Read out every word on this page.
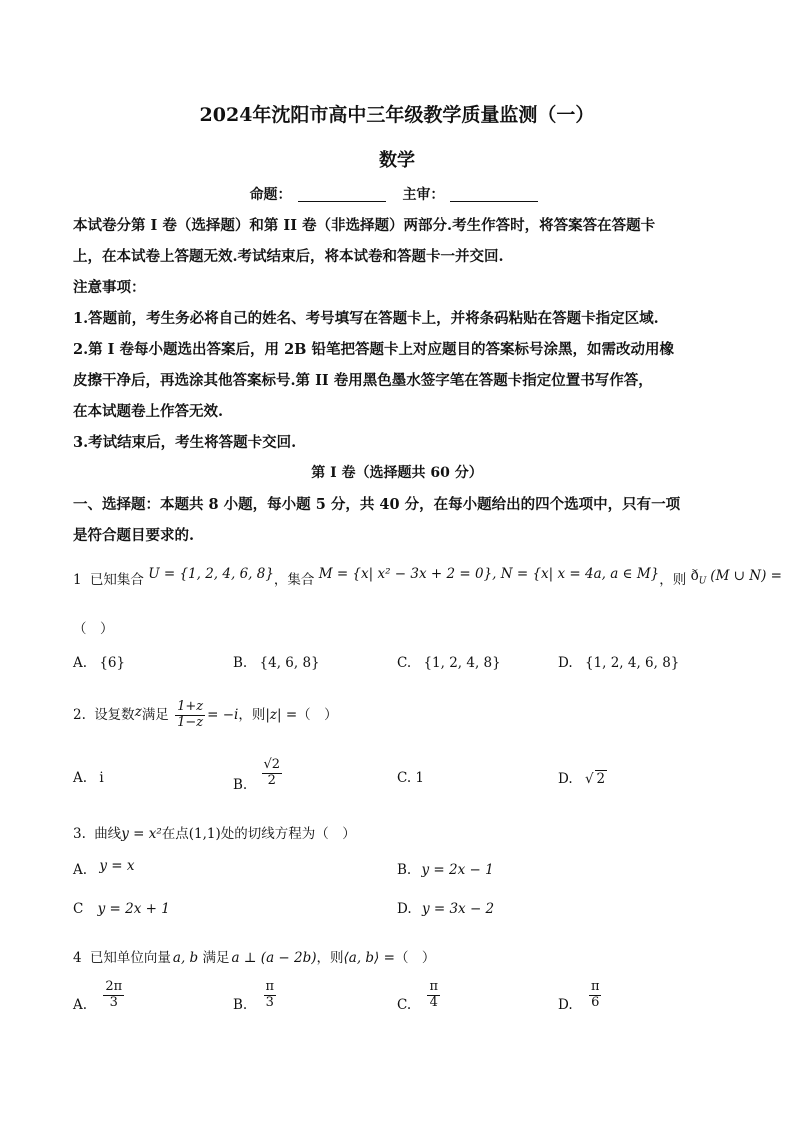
2024年沈阳市高中三年级教学质量监测（一）
数学
命题：	主审：
本试卷分第 I 卷（选择题）和第 II 卷（非选择题）两部分.考生作答时，将答案答在答题卡
上，在本试卷上答题无效.考试结束后，将本试卷和答题卡一并交回.
注意事项：
1.答题前，考生务必将自己的姓名、考号填写在答题卡上，并将条码粘贴在答题卡指定区域.
2.第 I 卷每小题选出答案后，用 2B 铅笔把答题卡上对应题目的答案标号涂黑，如需改动用橡
皮擦干净后，再选涂其他答案标号.第 II 卷用黑色墨水签字笔在答题卡指定位置书写作答，
在本试题卷上作答无效.
3.考试结束后，考生将答题卡交回.
第 I 卷（选择题共 60 分）
一、选择题：本题共 8 小题，每小题 5 分，共 40 分，在每小题给出的四个选项中，只有一项
是符合题目要求的.
1 已知集合 U = {1, 2, 4, 6, 8}，集合 M = {x| x² − 3x + 2 = 0}, N = {x| x = 4a, a ∈ M}，则 $ð_U$ (M ∪ N) =
（　）
A. {6}	B. {4, 6, 8}	C. {1, 2, 4, 8}	D. {1, 2, 4, 6, 8}
2. 设复数z满足 $\frac{1+z}{1-z} = -i$，则|z| =（　）
A. i	B. $\frac{√2}{2}$	C. 1	D. √ 2
3. 曲线y = x²在点(1,1)处的切线方程为（　）
A. y = x	B. y = 2x − 1
C y = 2x + 1	D. y = 3x − 2
4 已知单位向量 a, b 满足 a ⊥ (a − 2b)，则⟨a, b⟩ =（　）
A. $\frac{2\pi}{3}$	B. $\frac{\pi}{3}$	C. $\frac{\pi}{4}$	D. $\frac{\pi}{6}$
